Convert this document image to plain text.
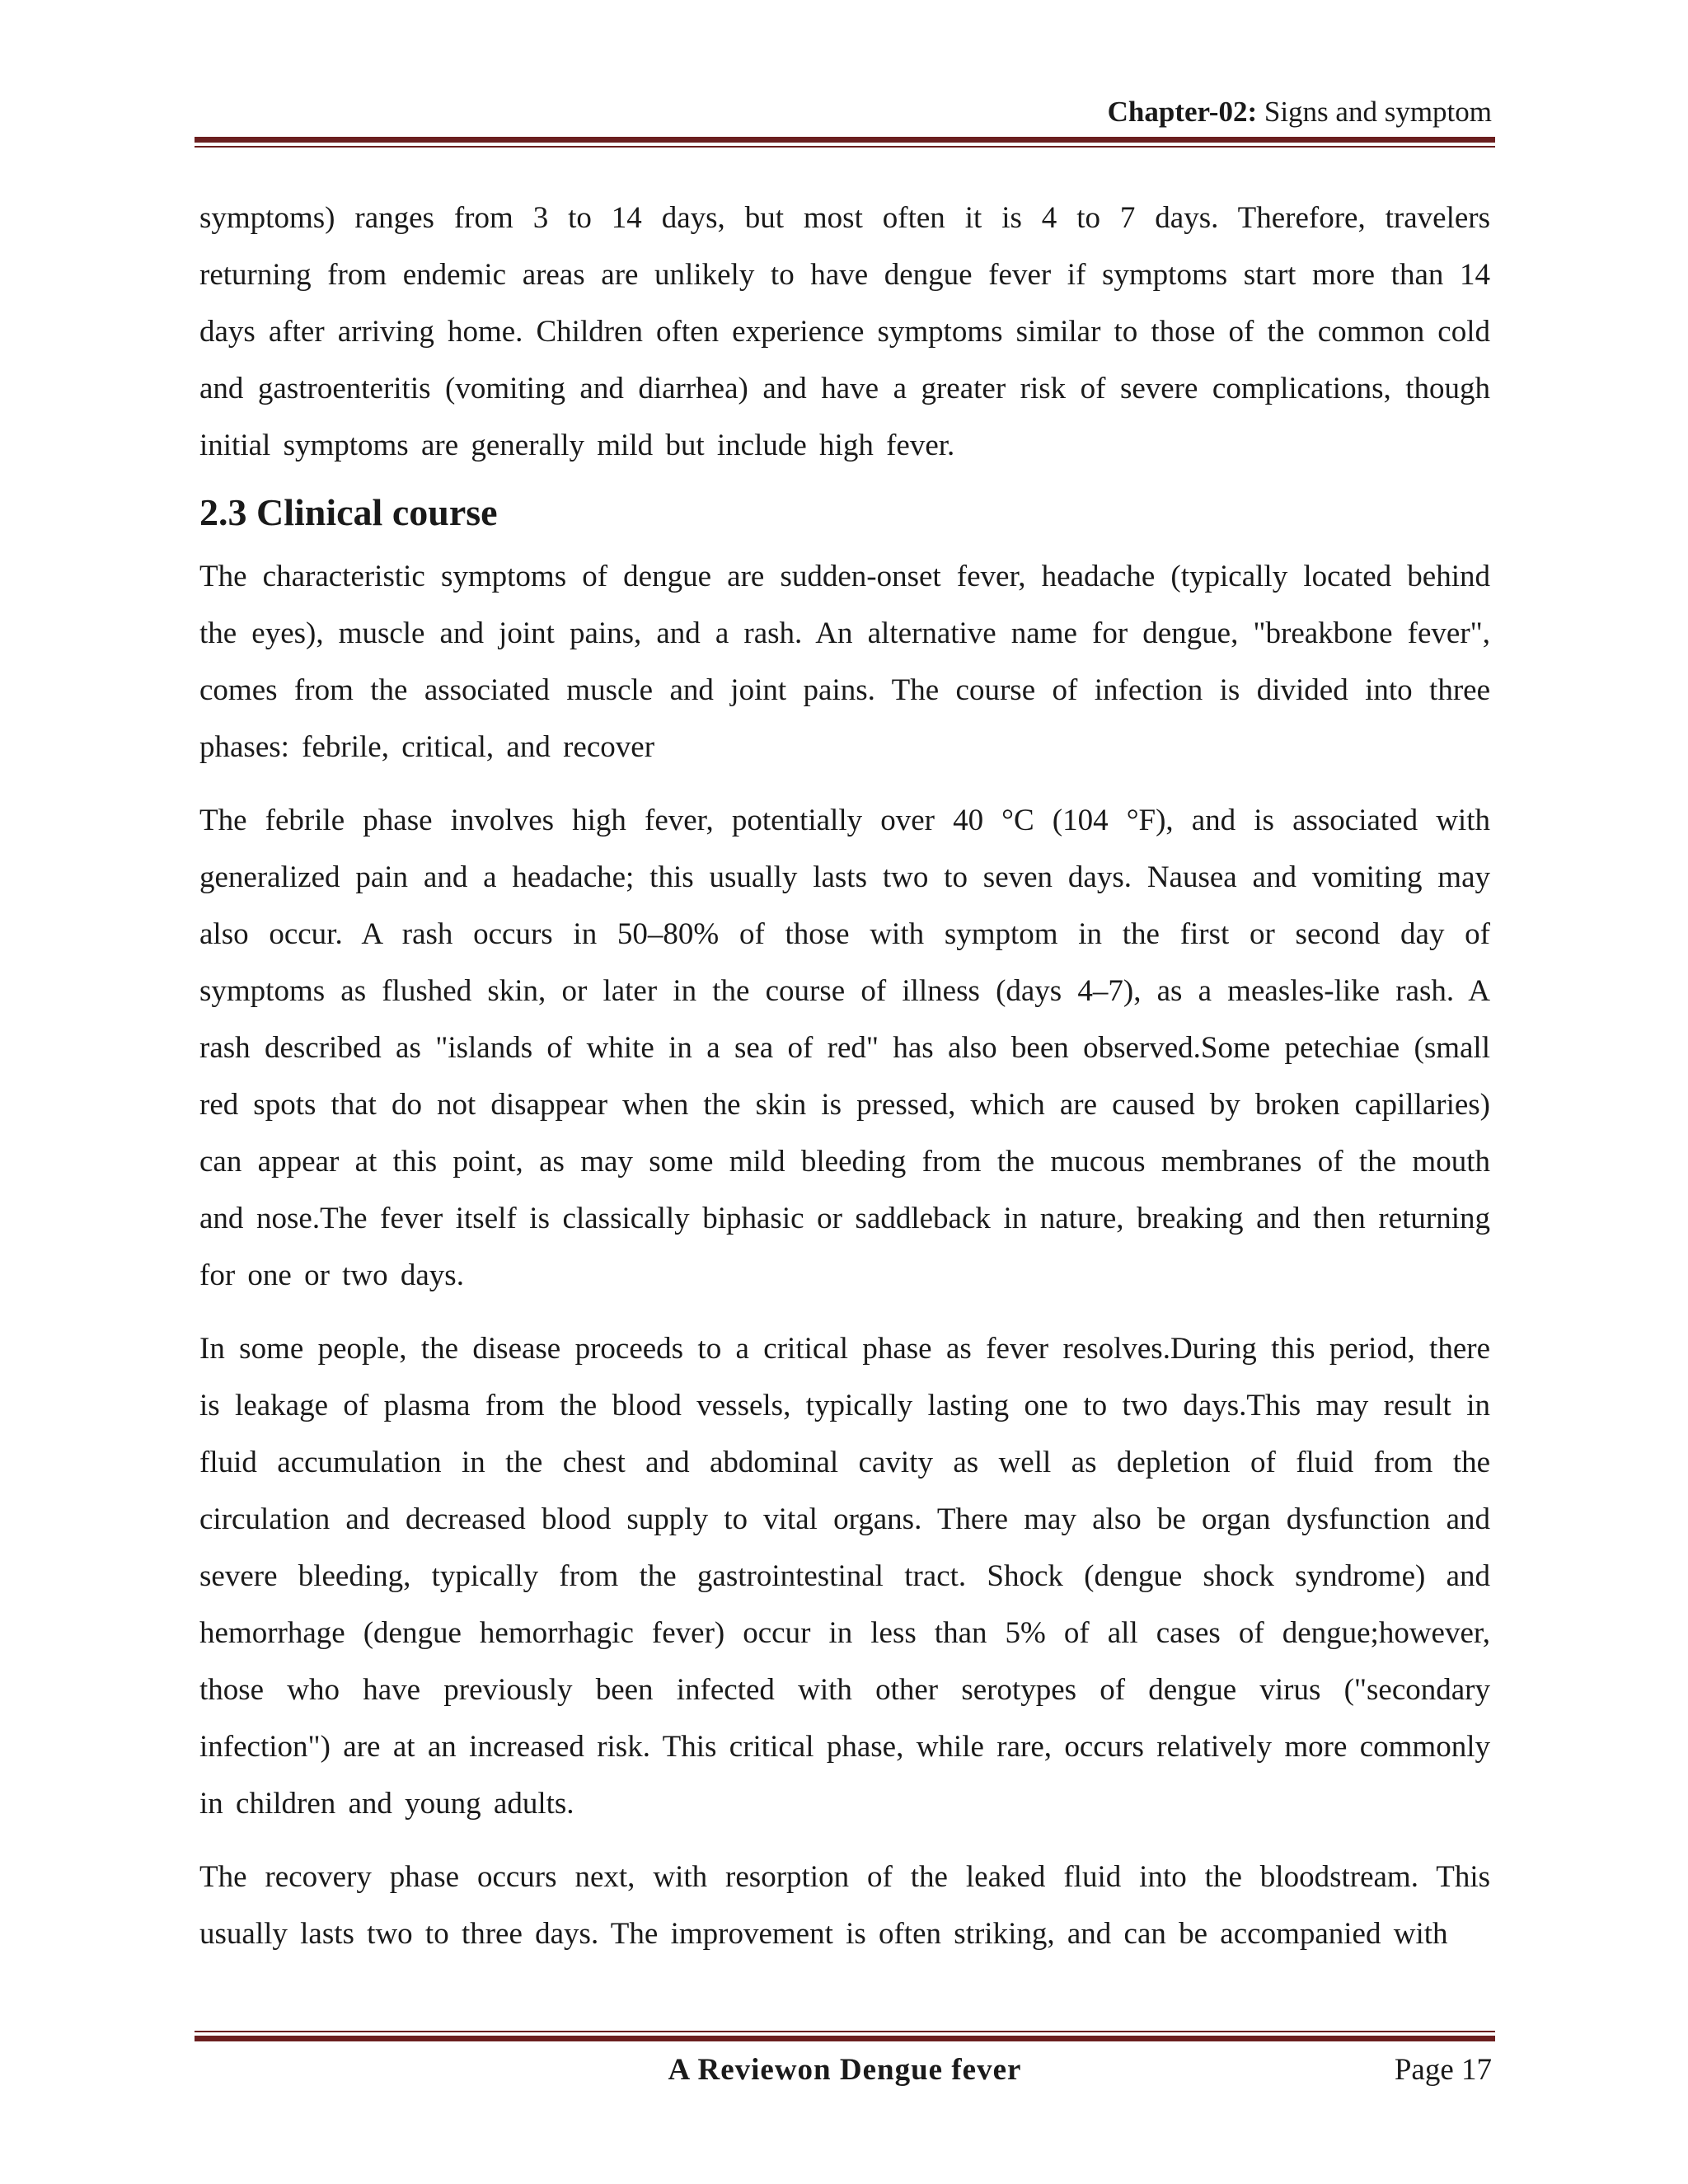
Chapter-02: Signs and symptom

symptoms) ranges from 3 to 14 days, but most often it is 4 to 7 days. Therefore, travelers returning from endemic areas are unlikely to have dengue fever if symptoms start more than 14 days after arriving home. Children often experience symptoms similar to those of the common cold and gastroenteritis (vomiting and diarrhea) and have a greater risk of severe complications, though initial symptoms are generally mild but include high fever.

2.3 Clinical course

The characteristic symptoms of dengue are sudden-onset fever, headache (typically located behind the eyes), muscle and joint pains, and a rash. An alternative name for dengue, "breakbone fever", comes from the associated muscle and joint pains. The course of infection is divided into three phases: febrile, critical, and recover

The febrile phase involves high fever, potentially over 40 °C (104 °F), and is associated with generalized pain and a headache; this usually lasts two to seven days. Nausea and vomiting may also occur. A rash occurs in 50–80% of those with symptom in the first or second day of symptoms as flushed skin, or later in the course of illness (days 4–7), as a measles-like rash. A rash described as "islands of white in a sea of red" has also been observed.Some petechiae (small red spots that do not disappear when the skin is pressed, which are caused by broken capillaries) can appear at this point, as may some mild bleeding from the mucous membranes of the mouth and nose.The fever itself is classically biphasic or saddleback in nature, breaking and then returning for one or two days.

In some people, the disease proceeds to a critical phase as fever resolves.During this period, there is leakage of plasma from the blood vessels, typically lasting one to two days.This may result in fluid accumulation in the chest and abdominal cavity as well as depletion of fluid from the circulation and decreased blood supply to vital organs. There may also be organ dysfunction and severe bleeding, typically from the gastrointestinal tract. Shock (dengue shock syndrome) and hemorrhage (dengue hemorrhagic fever) occur in less than 5% of all cases of dengue;however, those who have previously been infected with other serotypes of dengue virus ("secondary infection") are at an increased risk. This critical phase, while rare, occurs relatively more commonly in children and young adults.

The recovery phase occurs next, with resorption of the leaked fluid into the bloodstream. This usually lasts two to three days. The improvement is often striking, and can be accompanied with

A Reviewon Dengue fever	Page 17
